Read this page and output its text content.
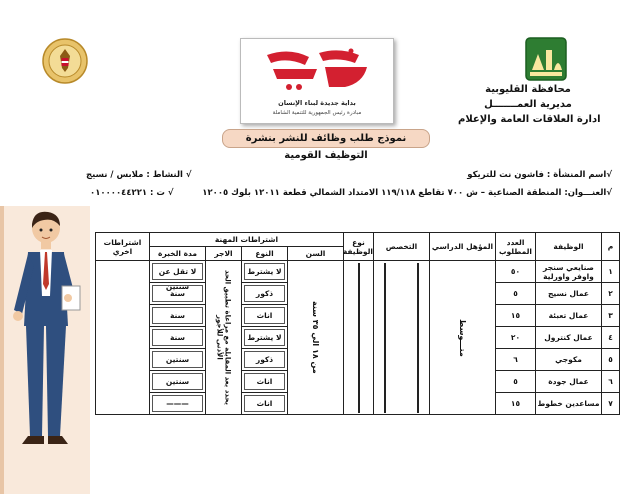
محافظة القليوبية
مديرية العمـــــــل
ادارة العلاقات العامة والإعلام
بداية جديدة لبناء الإنسان
مبادرة رئيس الجمهورية للتنمية الشاملة
نموذج طلب وظائف للنشر بنشرة التوظيف القومية
√اسم المنشأة : فاشون نت للتريكو
√ النشاط : ملابس / نسيج
√العنـــوان: المنطقة الصناعية – ش ٧٠٠ تقاطع ١١٩/١١٨ الامتداد الشمالي قطعة ١٢٠١١ بلوك ١٢٠٠٥
√ ت : ٠١٠٠٠٠٤٤٢٢١
م	الوظيفة	العدد المطلوب	المؤهل الدراسي	التخصص	نوع الوظيفة	اشتراطات المهنة				اشتراطات اخري
						السن	النوع	الاجر	مدة الخبرة	
١	صنايعي سنجر واوفر واورلية	٥٠	متـــوسط			من ١٨ الي ٣٥ سنة	لا يشترط	يحدد بعد المقابلة مع مراعاة تطبيق الحد الأدنى للأجور	لا تقل عن سنتين	

٢	عمال نسيج	٥					ذكور		سنة	

٣	عمال تعبئة	١٥					اناث		سنة	

٤	عمال كنترول	٢٠					لا يشترط		سنة	

٥	مكوجي	٦					ذكور		سنتين	

٦	عمال جودة	٥					اناث		سنتين	

٧	مساعدين خطوط	١٥					اناث		———	
